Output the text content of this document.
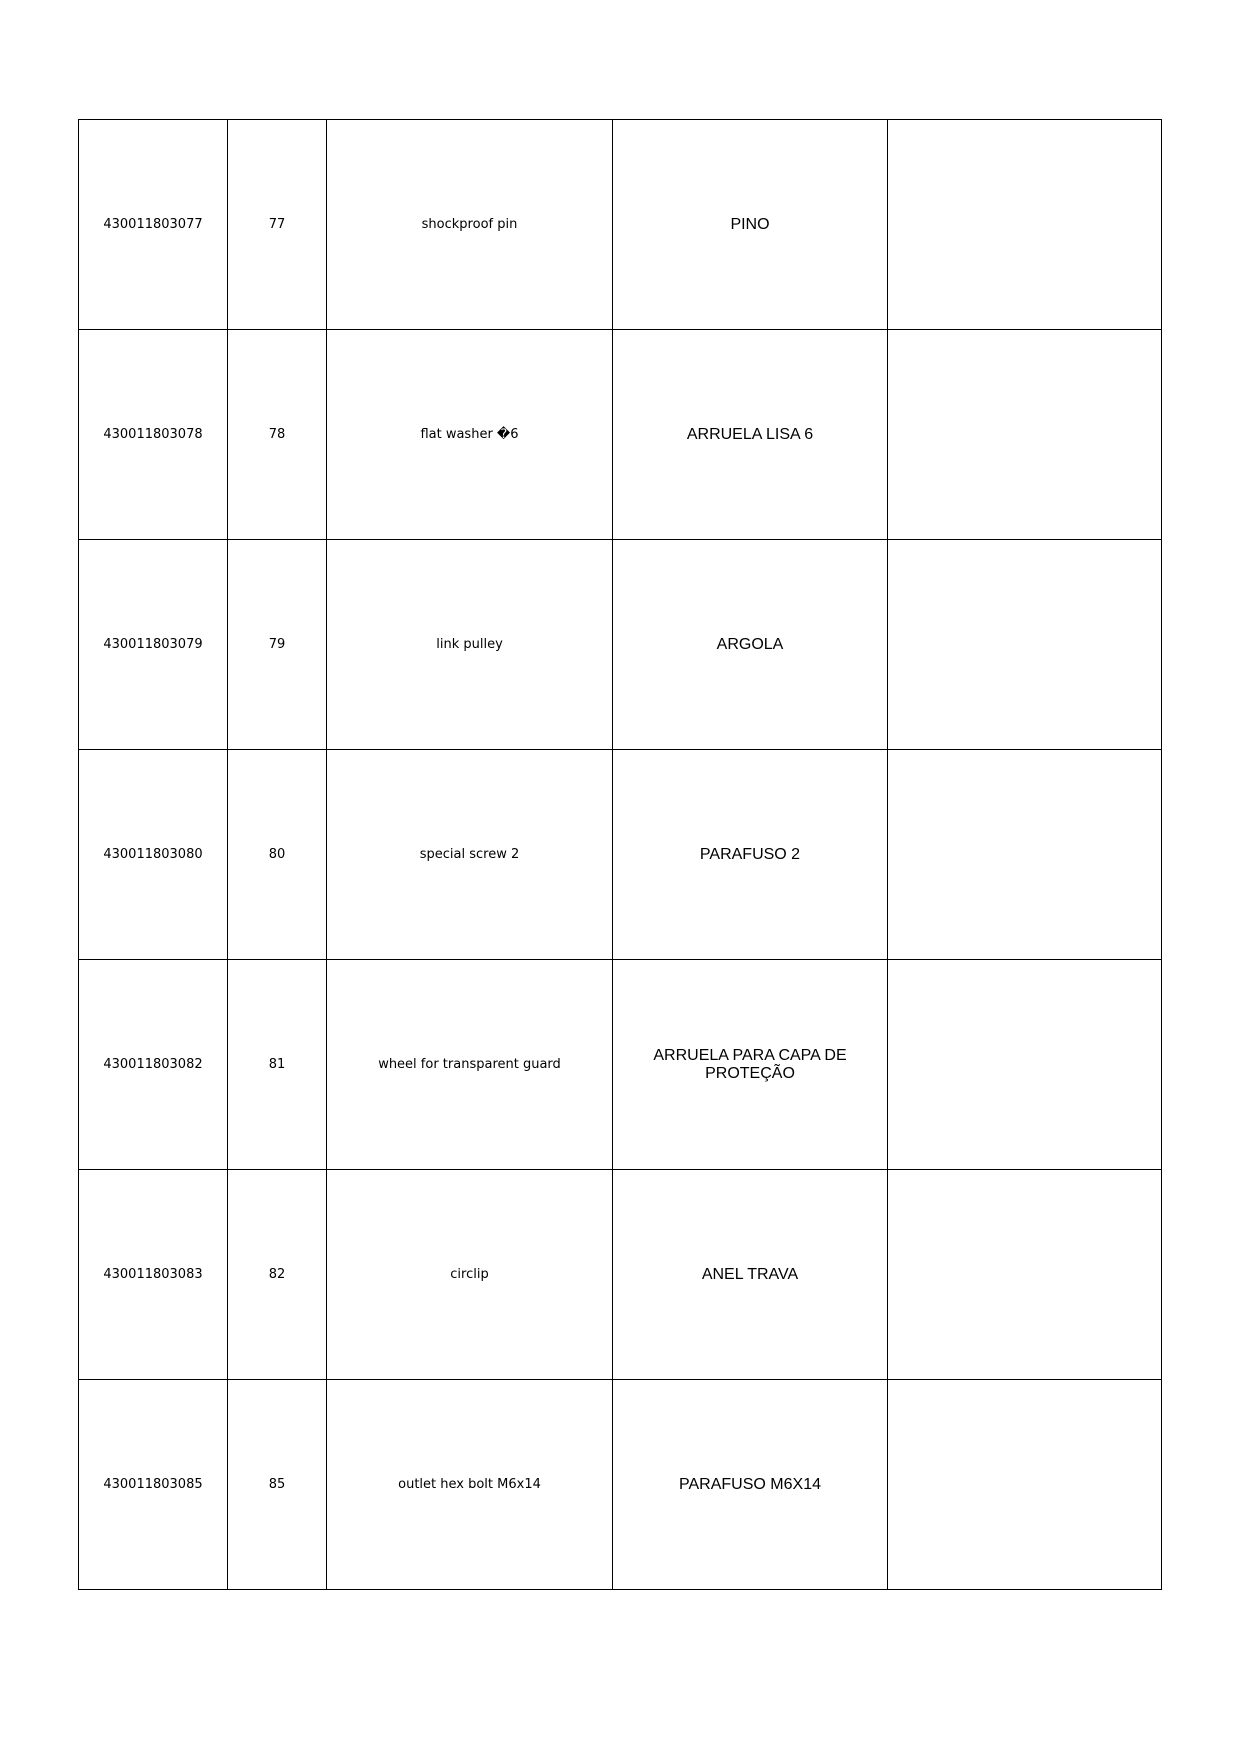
430011803077	77	shockproof pin	PINO	
430011803078	78	flat washer �6	ARRUELA LISA 6	
430011803079	79	link pulley	ARGOLA	
430011803080	80	special screw 2	PARAFUSO 2	
430011803082	81	wheel for transparent guard	ARRUELA PARA CAPA DE PROTEÇÃO	
430011803083	82	circlip	ANEL TRAVA	
430011803085	85	outlet hex bolt M6x14	PARAFUSO M6X14	
